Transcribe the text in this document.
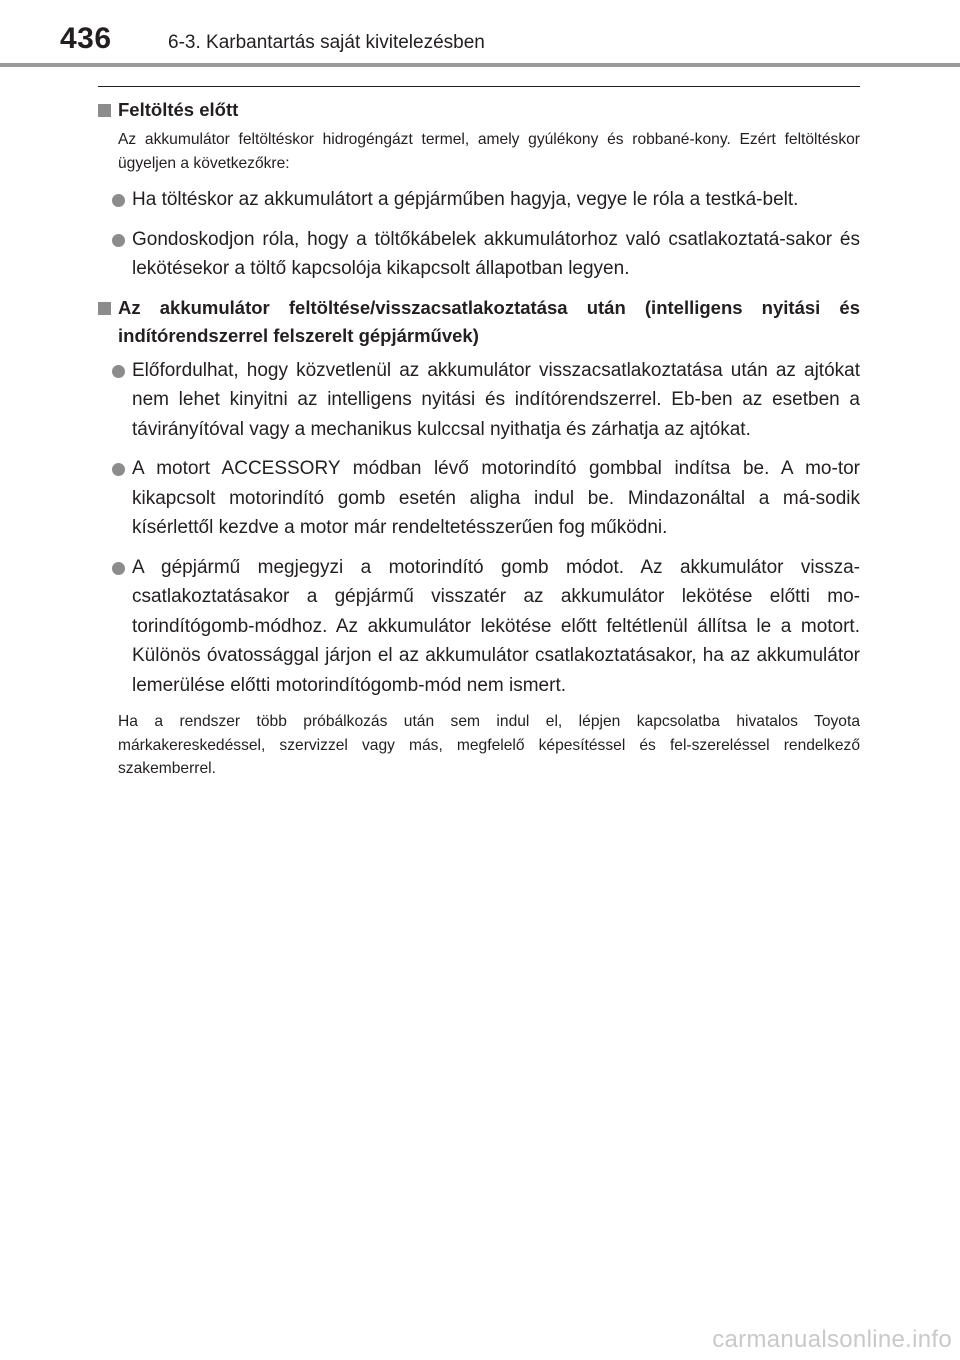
436	6-3. Karbantartás saját kivitelezésben
Feltöltés előtt
Az akkumulátor feltöltéskor hidrogéngázt termel, amely gyúlékony és robbané-kony. Ezért feltöltéskor ügyeljen a következőkre:
Ha töltéskor az akkumulátort a gépjárműben hagyja, vegye le róla a testká-belt.
Gondoskodjon róla, hogy a töltőkábelek akkumulátorhoz való csatlakoztatá-sakor és lekötésekor a töltő kapcsolója kikapcsolt állapotban legyen.
Az akkumulátor feltöltése/visszacsatlakoztatása után (intelligens nyitási és indítórendszerrel felszerelt gépjárművek)
Előfordulhat, hogy közvetlenül az akkumulátor visszacsatlakoztatása után az ajtókat nem lehet kinyitni az intelligens nyitási és indítórendszerrel. Eb-ben az esetben a távirányítóval vagy a mechanikus kulccsal nyithatja és zárhatja az ajtókat.
A motort ACCESSORY módban lévő motorindító gombbal indítsa be. A mo-tor kikapcsolt motorindító gomb esetén aligha indul be. Mindazonáltal a má-sodik kísérlettől kezdve a motor már rendeltetésszerűen fog működni.
A gépjármű megjegyzi a motorindító gomb módot. Az akkumulátor vissza-csatlakoztatásakor a gépjármű visszatér az akkumulátor lekötése előtti mo-torindítógomb-módhoz. Az akkumulátor lekötése előtt feltétlenül állítsa le a motort. Különös óvatossággal járjon el az akkumulátor csatlakoztatásakor, ha az akkumulátor lemerülése előtti motorindítógomb-mód nem ismert.
Ha a rendszer több próbálkozás után sem indul el, lépjen kapcsolatba hivatalos Toyota márkakereskedéssel, szervizzel vagy más, megfelelő képesítéssel és fel-szereléssel rendelkező szakemberrel.
carmanualsonline.info
